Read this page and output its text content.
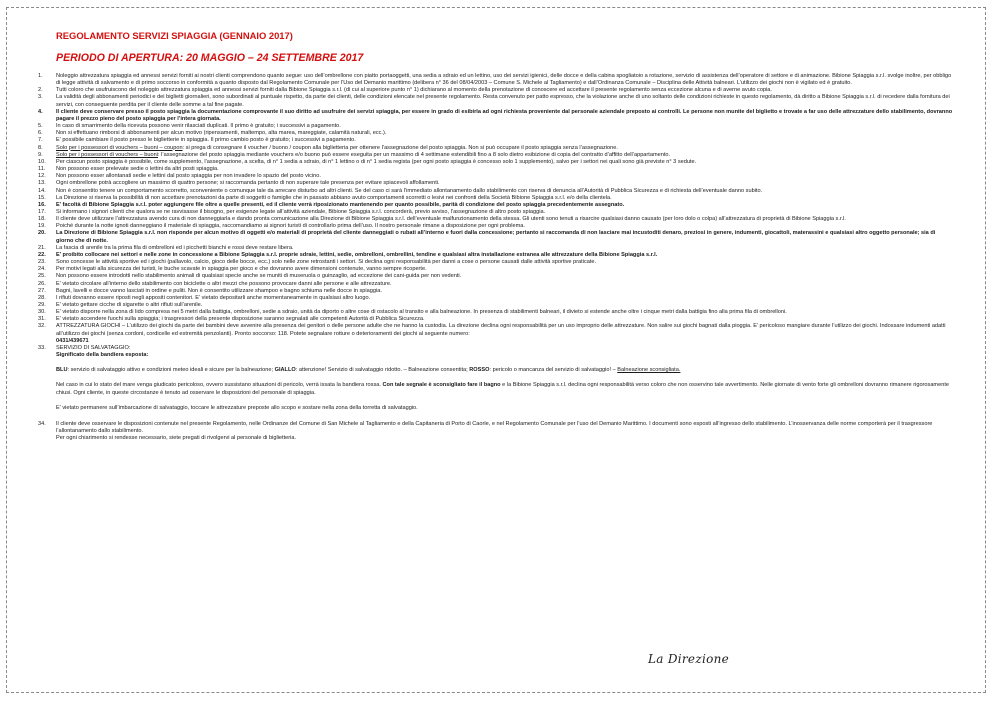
REGOLAMENTO SERVIZI SPIAGGIA (GENNAIO 2017)
PERIODO DI APERTURA: 20 MAGGIO – 24 SETTEMBRE 2017
1.	Noleggio attrezzatura spiaggia ed annessi servizi forniti ai nostri clienti comprendono quanto segue: uso dell’ombrellone con piatto portaoggetti, una sedia a sdraio ed un lettino, uso dei servizi igienici, delle docce e della cabina spogliatoio a rotazione, servizio di assistenza dell’operatore di settore e di animazione. Bibione Spiaggia s.r.l. svolge inoltre, per obbligo di legge attività di salvamento e di primo soccorso in conformità a quanto disposto dal Regolamento Comunale per l’Uso del Demanio marittimo (delibera n° 36 del 08/04/2003 – Comune S. Michele al Tagliamento) e dall’Ordinanza Comunale – Disciplina delle Attività balneari. L’utilizzo dei giochi non è vigilato ed è gratuito.
2.	Tutti coloro che usufruiscono del noleggio attrezzatura spiaggia ed annessi servizi forniti dalla Bibione Spiaggia s.r.l. (di cui al superiore punto n° 1) dichiarano al momento della prenotazione di conoscere ed accettare il presente regolamento senza eccezione alcuna e di averne avuto copia.
3.	La validità degli abbonamenti periodici e dei biglietti giornalieri, sono subordinati al puntuale rispetto, da parte dei clienti, delle condizioni elencate nel presente regolamento. Resta convenuto per patto espresso, che la violazione anche di uno soltanto delle condizioni richieste in questo regolamento, dà diritto a Bibione Spiaggia s.r.l. di recedere dalla fornitura dei servizi, con conseguente perdita per il cliente delle somme a tal fine pagate.
4.	Il cliente deve conservare presso il posto spiaggia la documentazione comprovante il suo diritto ad usufruire dei servizi spiaggia, per essere in grado di esibirla ad ogni richiesta proveniente dal personale aziendale preposto ai controlli. Le persone non munite del biglietto e trovate a far uso delle attrezzature dello stabilimento, dovranno pagare il prezzo pieno del posto spiaggia per l’intera giornata.
5.	In caso di smarrimento della ricevuta possono venir rilasciati duplicati. Il primo è gratuito; i successivi a pagamento.
6.	Non si effettuano rimborsi di abbonamenti per alcun motivo (ripensamenti, maltempo, alta marea, mareggiate, calamità naturali, ecc.).
7.	E’ possibile cambiare il posto presso le biglietterie in spiaggia. Il primo cambio posto è gratuito; i successivi a pagamento.
8.	Solo per i possessori di vouchers – buoni – coupon: si prega di consegnare il voucher / buono / coupon alla biglietteria per ottenere l’assegnazione del posto spiaggia. Non si può occupare il posto spiaggia senza l’assegnazione.
9.	Solo per i possessori di vouchers – buoni: l’assegnazione del posto spiaggia mediante vouchers e/o buono può essere eseguita per un massimo di 4 settimane estendibili fino a 8 solo dietro esibizione di copia del contratto d’affitto dell’appartamento.
10.	Per ciascun posto spiaggia è possibile, come supplemento, l’assegnazione, a scelta, di n° 1 sedia a sdraio, di n° 1 lettino o di n° 1 sedia regista (per ogni posto spiaggia è concesso solo 1 supplemento), salvo per i settori nei quali sono già previste n° 3 sedute.
11.	Non possono esser prelevate sedie o lettini da altri posti spiaggia.
12.	Non possono esser allontanati sedie e lettini dal posto spiaggia per non invadere lo spazio del posto vicino.
13.	Ogni ombrellone potrà accogliere un massimo di quattro persone; si raccomanda pertanto di non superare tale presenza per evitare spiacevoli affollamenti.
14.	Non è consentito tenere un comportamento scorretto, sconveniente o comunque tale da arrecare disturbo ad altri clienti. Se del caso ci sarà l’immediato allontanamento dallo stabilimento con riserva di denuncia all’Autorità di Pubblica Sicurezza e di richiesta dell’eventuale danno subito.
15.	La Direzione si riserva la possibilità di non accettare prenotazioni da parte di soggetti o famiglie che in passato abbiano avuto comportamenti scorretti o lesivi nei confronti della Società Bibione Spiaggia s.r.l. e/o della clientela.
16.	E’ facoltà di Bibione Spiaggia s.r.l. poter aggiungere file oltre a quelle presenti, ed il cliente verrà riposizionato mantenendo per quanto possibile, parità di condizione del posto spiaggia precedentemente assegnato.
17.	Si informano i signori clienti che qualora se ne ravvisasse il bisogno, per esigenze legate all’attività aziendale, Bibione Spiaggia s.r.l. concorderà, previo avviso, l’assegnazione di altro posto spiaggia.
18.	Il cliente deve utilizzare l’attrezzatura avendo cura di non danneggiarla e dando pronta comunicazione alla Direzione di Bibione Spiaggia s.r.l. dell’eventuale malfunzionamento della stessa. Gli utenti sono tenuti a risarcire qualsiasi danno causato (per loro dolo o colpa) all’attrezzatura di proprietà di Bibione Spiaggia s.r.l.
19.	Poiché durante la notte ignoti danneggiano il materiale di spiaggia, raccomandiamo ai signori turisti di controllarlo prima dell’uso. Il nostro personale rimane a disposizione per ogni problema.
20.	La Direzione di Bibione Spiaggia s.r.l. non risponde per alcun motivo di oggetti e/o materiali di proprietà del cliente danneggiati o rubati all’interno e fuori dalla concessione; pertanto si raccomanda di non lasciare mai incustoditi denaro, preziosi in genere, indumenti, giocattoli, materassini e qualsiasi altro oggetto personale; sia di giorno che di notte.
21.	La fascia di arenile tra la prima fila di ombrelloni ed i picchetti bianchi e rossi deve restare libera.
22.	E’ proibito collocare nei settori e nelle zone in concessione a Bibione Spiaggia s.r.l. proprie sdraie, lettini, sedie, ombrelloni, ombrellini, tendine e qualsiasi altra installazione estranea alle attrezzature della Bibione Spiaggia s.r.l.
23.	Sono concesse le attività sportive ed i giochi (pallavolo, calcio, gioco delle bocce, ecc.) solo nelle zone retrostanti i settori. Si declina ogni responsabilità per danni a cose o persone causati dalle attività sportive praticate.
24.	Per motivi legati alla sicurezza dei turisti, le buche scavate in spiaggia per gioco e che dovranno avere dimensioni contenute, vanno sempre ricoperte.
25.	Non possono essere introdotti nello stabilimento animali di qualsiasi specie anche se muniti di museruola o guinzaglio, ad eccezione dei cani-guida per non vedenti.
26.	E’ vietato circolare all’interno dello stabilimento con biciclette o altri mezzi che possono provocare danni alle persone e alle attrezzature.
27.	Bagni, lavelli e docce vanno lasciati in ordine e puliti. Non è consentito utilizzare shampoo e bagno schiuma nelle docce in spiaggia.
28.	I rifiuti dovranno essere riposti negli appositi contenitori. E’ vietato depositarli anche momentaneamente in qualsiasi altro luogo.
29.	E’ vietato gettare cicche di sigarette o altri rifiuti sull’arenile.
30.	E’ vietato disporre nella zona di lido compresa nei 5 metri dalla battigia, ombrelloni, sedie a sdraio, unità da diporto o altre cose di ostacolo al transito e alla balneazione. In presenza di stabilimenti balneari, il divieto si estende anche oltre i cinque metri dalla battigia fino alla prima fila di ombrelloni.
31.	E’ vietato accendere fuochi sulla spiaggia; i trasgressori della presente disposizione saranno segnalati alle competenti Autorità di Pubblica Sicurezza.
32.	ATTREZZATURA GIOCHI – L’utilizzo dei giochi da parte dei bambini deve avvenire alla presenza dei genitori o delle persone adulte che ne hanno la custodia. La direzione declina ogni responsabilità per un uso improprio delle attrezzature. Non salire sui giochi bagnati dalla pioggia. E’ pericoloso mangiare durante l’utilizzo dei giochi. Indossare indumenti adatti all’utilizzo dei giochi (senza cordoni, cordicelle ed estremità penzolanti). Pronto soccorso: 118. Potete segnalare rotture o deterioramenti dei giochi al seguente numero:
0431/439671
33.	SERVIZIO DI SALVATAGGIO:
Significato della bandiera esposta:
BLU: servizio di salvataggio attivo e condizioni meteo ideali e sicure per la balneazione; GIALLO: attenzione! Servizio di salvataggio ridotto. – Balneazione consentita; ROSSO: pericolo o mancanza del servizio di salvataggio! – Balneazione sconsigliata.
Nel caso in cui lo stato del mare venga giudicato pericoloso, ovvero sussistano situazioni di pericolo, verrà issata la bandiera rossa. Con tale segnale è sconsigliato fare il bagno e la Bibione Spiaggia s.r.l. declina ogni responsabilità verso coloro che non osservino tale avvertimento. Nelle giornate di vento forte gli ombrelloni dovranno rimanere rigorosamente chiusi. Ogni cliente, in queste circostanze è tenuto ad osservare le disposizioni del personale di spiaggia.
E’ vietato permanere sull’imbarcazione di salvataggio, toccare le attrezzature preposte allo scopo e sostare nella zona della torretta di salvataggio.
34.	Il cliente deve osservare le disposizioni contenute nel presente Regolamento, nelle Ordinanze del Comune di San Michele al Tagliamento e della Capitaneria di Porto di Caorle, e nel Regolamento Comunale per l’uso del Demanio Marittimo. I documenti sono esposti all’ingresso dello stabilimento. L’inosservanza delle norme comporterà per il trasgressore l’allontanamento dallo stabilimento.
Per ogni chiarimento si rendesse necessario, siete pregati di rivolgervi al personale di biglietteria.
La Direzione
